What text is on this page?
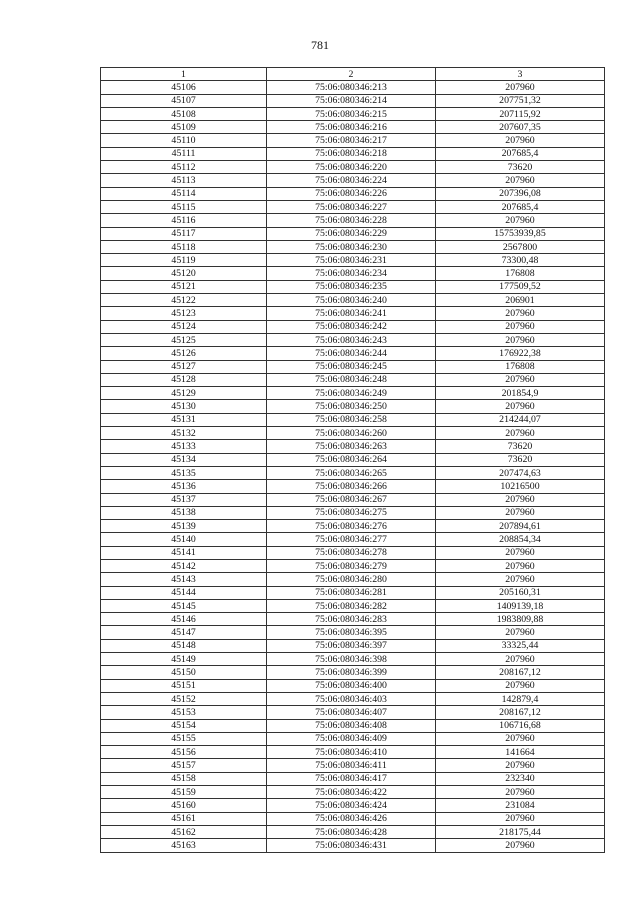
781
1	2	3
45106	75:06:080346:213	207960
45107	75:06:080346:214	207751,32
45108	75:06:080346:215	207115,92
45109	75:06:080346:216	207607,35
45110	75:06:080346:217	207960
45111	75:06:080346:218	207685,4
45112	75:06:080346:220	73620
45113	75:06:080346:224	207960
45114	75:06:080346:226	207396,08
45115	75:06:080346:227	207685,4
45116	75:06:080346:228	207960
45117	75:06:080346:229	15753939,85
45118	75:06:080346:230	2567800
45119	75:06:080346:231	73300,48
45120	75:06:080346:234	176808
45121	75:06:080346:235	177509,52
45122	75:06:080346:240	206901
45123	75:06:080346:241	207960
45124	75:06:080346:242	207960
45125	75:06:080346:243	207960
45126	75:06:080346:244	176922,38
45127	75:06:080346:245	176808
45128	75:06:080346:248	207960
45129	75:06:080346:249	201854,9
45130	75:06:080346:250	207960
45131	75:06:080346:258	214244,07
45132	75:06:080346:260	207960
45133	75:06:080346:263	73620
45134	75:06:080346:264	73620
45135	75:06:080346:265	207474,63
45136	75:06:080346:266	10216500
45137	75:06:080346:267	207960
45138	75:06:080346:275	207960
45139	75:06:080346:276	207894,61
45140	75:06:080346:277	208854,34
45141	75:06:080346:278	207960
45142	75:06:080346:279	207960
45143	75:06:080346:280	207960
45144	75:06:080346:281	205160,31
45145	75:06:080346:282	1409139,18
45146	75:06:080346:283	1983809,88
45147	75:06:080346:395	207960
45148	75:06:080346:397	33325,44
45149	75:06:080346:398	207960
45150	75:06:080346:399	208167,12
45151	75:06:080346:400	207960
45152	75:06:080346:403	142879,4
45153	75:06:080346:407	208167,12
45154	75:06:080346:408	106716,68
45155	75:06:080346:409	207960
45156	75:06:080346:410	141664
45157	75:06:080346:411	207960
45158	75:06:080346:417	232340
45159	75:06:080346:422	207960
45160	75:06:080346:424	231084
45161	75:06:080346:426	207960
45162	75:06:080346:428	218175,44
45163	75:06:080346:431	207960
